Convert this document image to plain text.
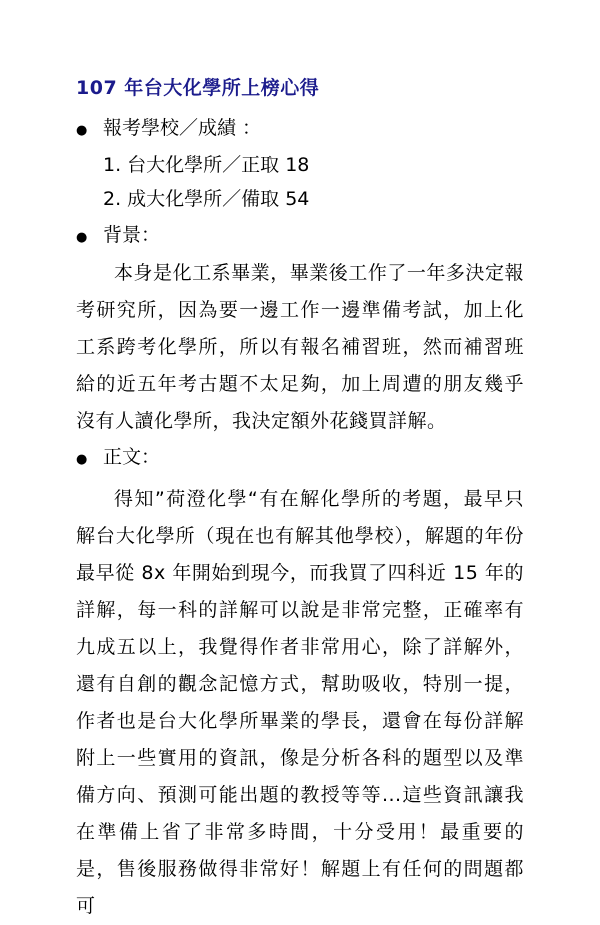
107 年台大化學所上榜心得
● 報考學校／成績 ：
1. 台大化學所／正取 18
2. 成大化學所／備取 54
● 背景：

本身是化工系畢業，畢業後工作了一年多決定報考研究所，因為要一邊工作一邊準備考試，加上化工系跨考化學所，所以有報名補習班，然而補習班給的近五年考古題不太足夠，加上周遭的朋友幾乎沒有人讀化學所，我決定額外花錢買詳解。

● 正文：

得知”荷澄化學“有在解化學所的考題，最早只解台大化學所（現在也有解其他學校），解題的年份最早從 8x 年開始到現今，而我買了四科近 15 年的詳解，每一科的詳解可以說是非常完整，正確率有九成五以上，我覺得作者非常用心，除了詳解外，還有自創的觀念記憶方式，幫助吸收，特別一提，作者也是台大化學所畢業的學長，還會在每份詳解附上一些實用的資訊，像是分析各科的題型以及準備方向、預測可能出題的教授等等...這些資訊讓我在準備上省了非常多時間，十分受用！最重要的是，售後服務做得非常好！解題上有任何的問題都可
